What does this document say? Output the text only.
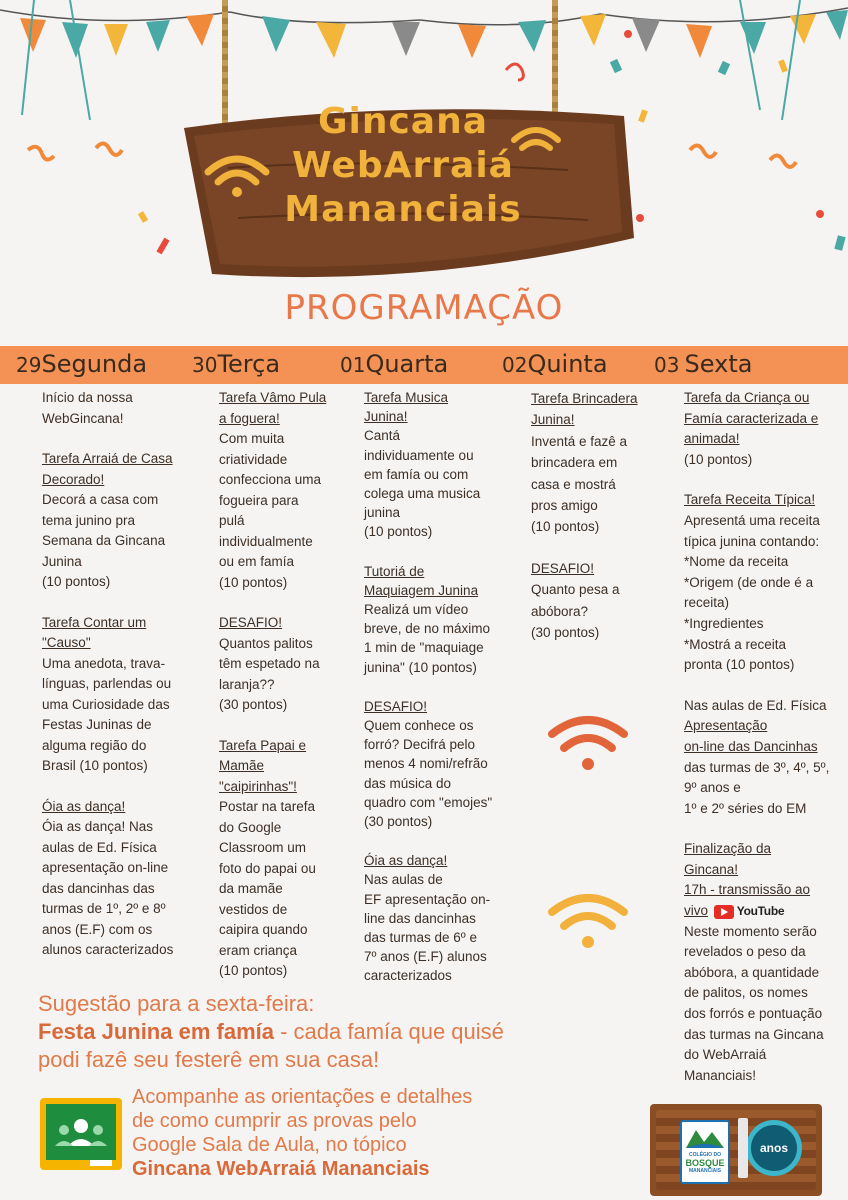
Gincana
WebArraiá
Mananciais
PROGRAMAÇÃO
29Segunda 30Terça	01Quarta	02Quinta 03 Sexta

Início da nossa

WebGincana!

Tarefa Arraiá de Casa

Decorado!

Decorá a casa com

tema junino pra

Semana da Gincana

Junina

(10 pontos)

Tarefa Contar um

"Causo"

Uma anedota, trava-

línguas, parlendas ou

uma Curiosidade das

Festas Juninas de

alguma região do

Brasil (10 pontos)

Óia as dança!

Óia as dança! Nas

aulas de Ed. Física

apresentação on-line

das dancinhas das

turmas de 1º, 2º e 8º

anos (E.F) com os

alunos caracterizados

Tarefa Vâmo Pula

a foguera!

Com muita

criatividade

confecciona uma

fogueira para

pulá

individualmente

ou em famía

(10 pontos)

DESAFIO!

Quantos palitos

têm espetado na

laranja??

(30 pontos)

Tarefa Papai e

Mamãe

"caipirinhas"!

Postar na tarefa

do Google

Classroom um

foto do papai ou

da mamãe

vestidos de

caipira quando

eram criança

(10 pontos)

Tarefa Musica

Junina!

Cantá

individuamente ou

em famía ou com

colega uma musica

junina

(10 pontos)

Tutoriá de

Maquiagem Junina

Realizá um vídeo

breve, de no máximo

1 min de "maquiage

junina" (10 pontos)

DESAFIO!

Quem conhece os

forró? Decifrá pelo

menos 4 nomi/refrão

das música do

quadro com "emojes"

(30 pontos)

Óia as dança!

Nas aulas de

EF apresentação on-

line das dancinhas

das turmas de 6º e

7º anos (E.F) alunos

caracterizados

Tarefa Brincadera

Junina!

Inventá e fazê a

brincadera em

casa e mostrá

pros amigo

(10 pontos)

DESAFIO!

Quanto pesa a

abóbora?

(30 pontos)

Tarefa da Criança ou

Famía caracterizada e

animada!

(10 pontos)

Tarefa Receita Típica!

Apresentá uma receita

típica junina contando:

*Nome da receita

*Origem (de onde é a

receita)

*Ingredientes

*Mostrá a receita

pronta (10 pontos)

Nas aulas de Ed. Física

Apresentação

on-line das Dancinhas

das turmas de 3º, 4º, 5º,

9º anos e

1º e 2º séries do EM

Finalização da

Gincana!

17h - transmissão ao

vivo YouTube

Neste momento serão

revelados o peso da

abóbora, a quantidade

de palitos, os nomes

dos forrós e pontuação

das turmas na Gincana

do WebArraiá

Mananciais!

Sugestão para a sexta-feira:

Festa Junina em famía - cada famía que quisé

podi fazê seu festerê em sua casa!

Acompanhe as orientações e detalhes

de como cumprir as provas pelo

Google Sala de Aula, no tópico

Gincana WebArraiá Mananciais

COLÉGIO DO
BOSQUE
MANANCIAIS
anos
